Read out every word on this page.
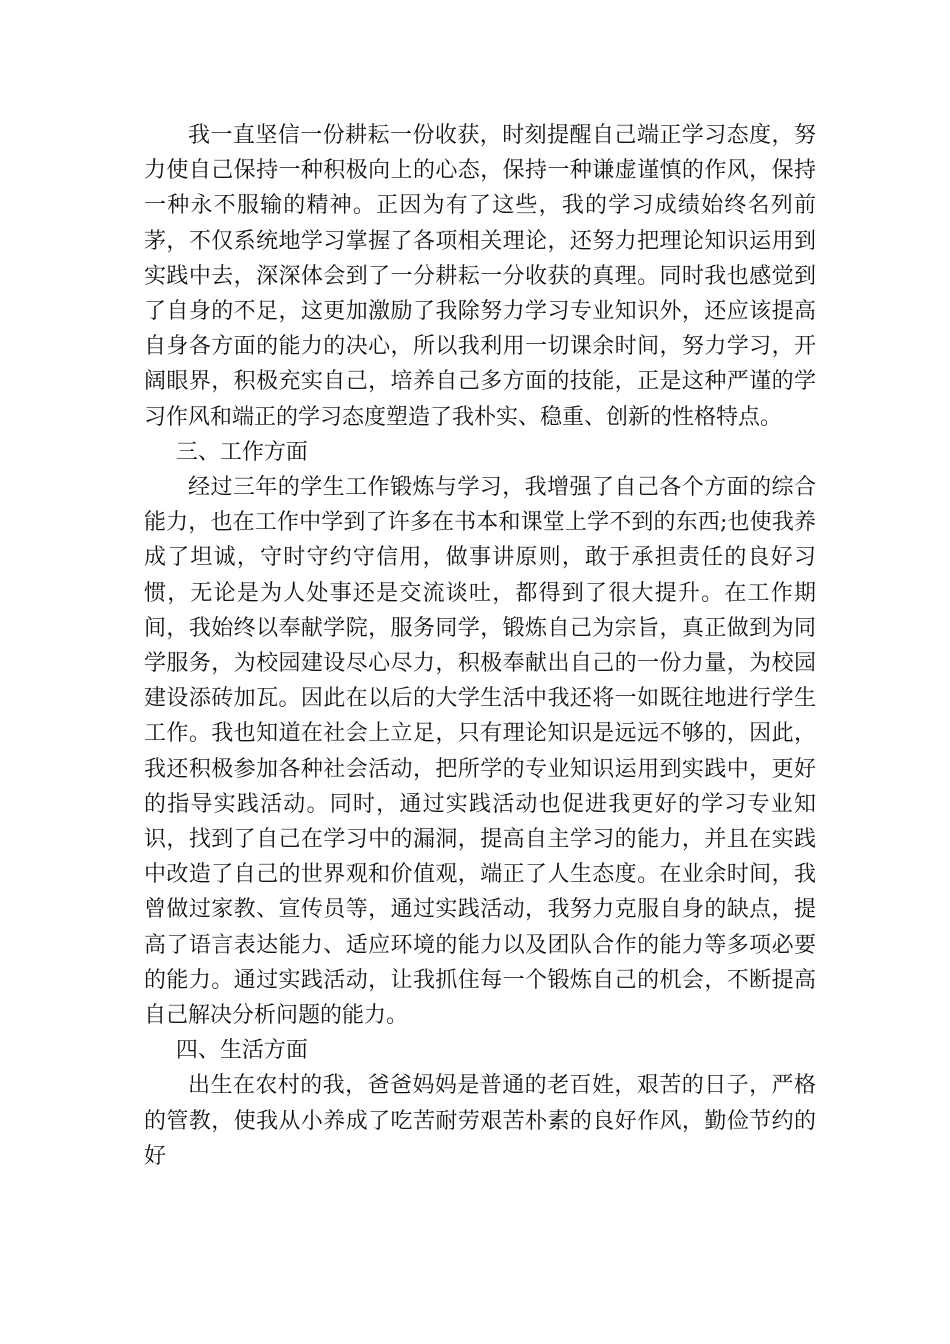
我一直坚信一份耕耘一份收获，时刻提醒自己端正学习态度，努力使自己保持一种积极向上的心态，保持一种谦虚谨慎的作风，保持一种永不服输的精神。正因为有了这些，我的学习成绩始终名列前茅，不仅系统地学习掌握了各项相关理论，还努力把理论知识运用到实践中去，深深体会到了一分耕耘一分收获的真理。同时我也感觉到了自身的不足，这更加激励了我除努力学习专业知识外，还应该提高自身各方面的能力的决心，所以我利用一切课余时间，努力学习，开阔眼界，积极充实自己，培养自己多方面的技能，正是这种严谨的学习作风和端正的学习态度塑造了我朴实、稳重、创新的性格特点。

三、工作方面

经过三年的学生工作锻炼与学习，我增强了自己各个方面的综合能力，也在工作中学到了许多在书本和课堂上学不到的东西;也使我养成了坦诚，守时守约守信用，做事讲原则，敢于承担责任的良好习惯，无论是为人处事还是交流谈吐，都得到了很大提升。在工作期间，我始终以奉献学院，服务同学，锻炼自己为宗旨，真正做到为同学服务，为校园建设尽心尽力，积极奉献出自己的一份力量，为校园建设添砖加瓦。因此在以后的大学生活中我还将一如既往地进行学生工作。我也知道在社会上立足，只有理论知识是远远不够的，因此，我还积极参加各种社会活动，把所学的专业知识运用到实践中，更好的指导实践活动。同时，通过实践活动也促进我更好的学习专业知识，找到了自己在学习中的漏洞，提高自主学习的能力，并且在实践中改造了自己的世界观和价值观，端正了人生态度。在业余时间，我曾做过家教、宣传员等，通过实践活动，我努力克服自身的缺点，提高了语言表达能力、适应环境的能力以及团队合作的能力等多项必要的能力。通过实践活动，让我抓住每一个锻炼自己的机会，不断提高自己解决分析问题的能力。

四、生活方面

出生在农村的我，爸爸妈妈是普通的老百姓，艰苦的日子，严格的管教，使我从小养成了吃苦耐劳艰苦朴素的良好作风，勤俭节约的好
